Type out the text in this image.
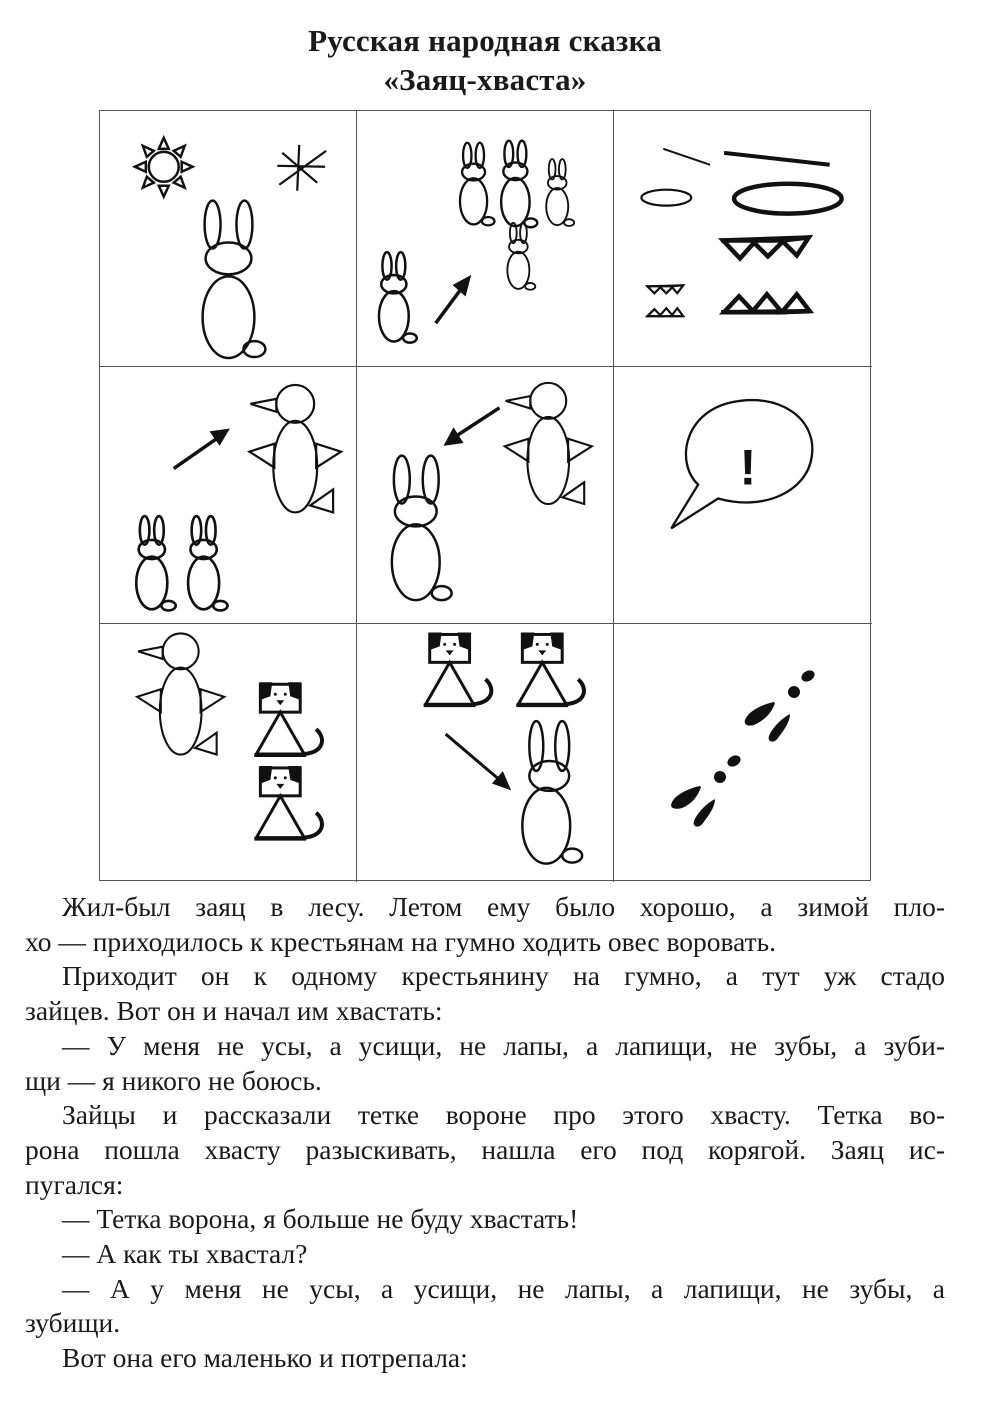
Русская народная сказка
«Заяц-хваста»
!

Жил-был заяц в лесу. Летом ему было хорошо, а зимой пло-
хо — приходилось к крестьянам на гумно ходить овес воровать.

Приходит он к одному крестьянину на гумно, а тут уж стадо
зайцев. Вот он и начал им хвастать:

— У меня не усы, а усищи, не лапы, а лапищи, не зубы, а зуби-
щи — я никого не боюсь.

Зайцы и рассказали тетке вороне про этого хвасту. Тетка во-
рона пошла хвасту разыскивать, нашла его под корягой. Заяц ис-
пугался:

— Тетка ворона, я больше не буду хвастать!

— А как ты хвастал?

— А у меня не усы, а усищи, не лапы, а лапищи, не зубы, а
зубищи.

Вот она его маленько и потрепала:
